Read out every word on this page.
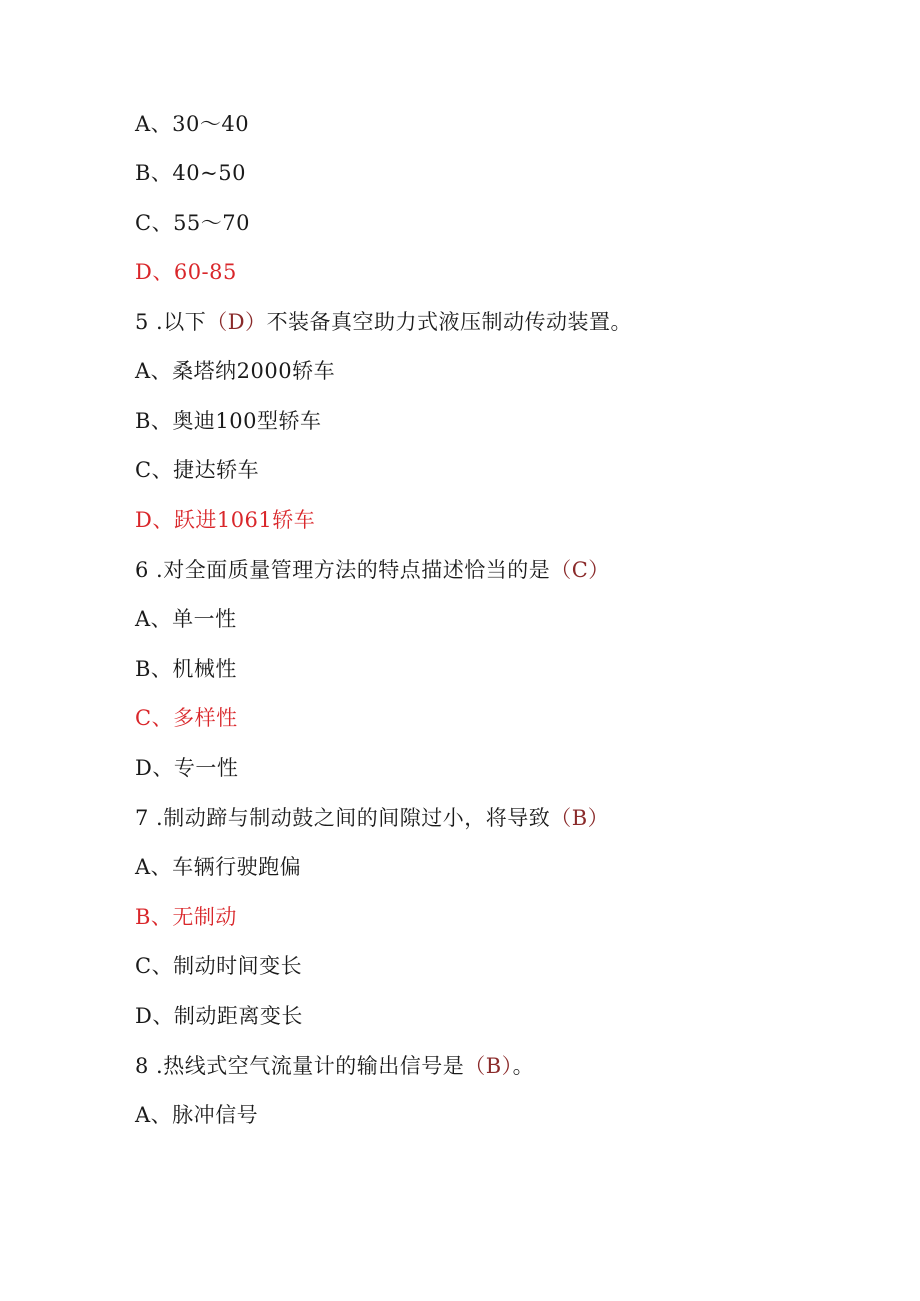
A、30～40
B、40~50
C、55～70
D、60-85
5 .以下（D）不装备真空助力式液压制动传动装置。
A、桑塔纳2000轿车
B、奥迪100型轿车
C、捷达轿车
D、跃进1061轿车
6 .对全面质量管理方法的特点描述恰当的是（C）
A、单一性
B、机械性
C、多样性
D、专一性
7 .制动蹄与制动鼓之间的间隙过小，将导致（B）
A、车辆行驶跑偏
B、无制动
C、制动时间变长
D、制动距离变长
8 .热线式空气流量计的输出信号是（B）。
A、脉冲信号
